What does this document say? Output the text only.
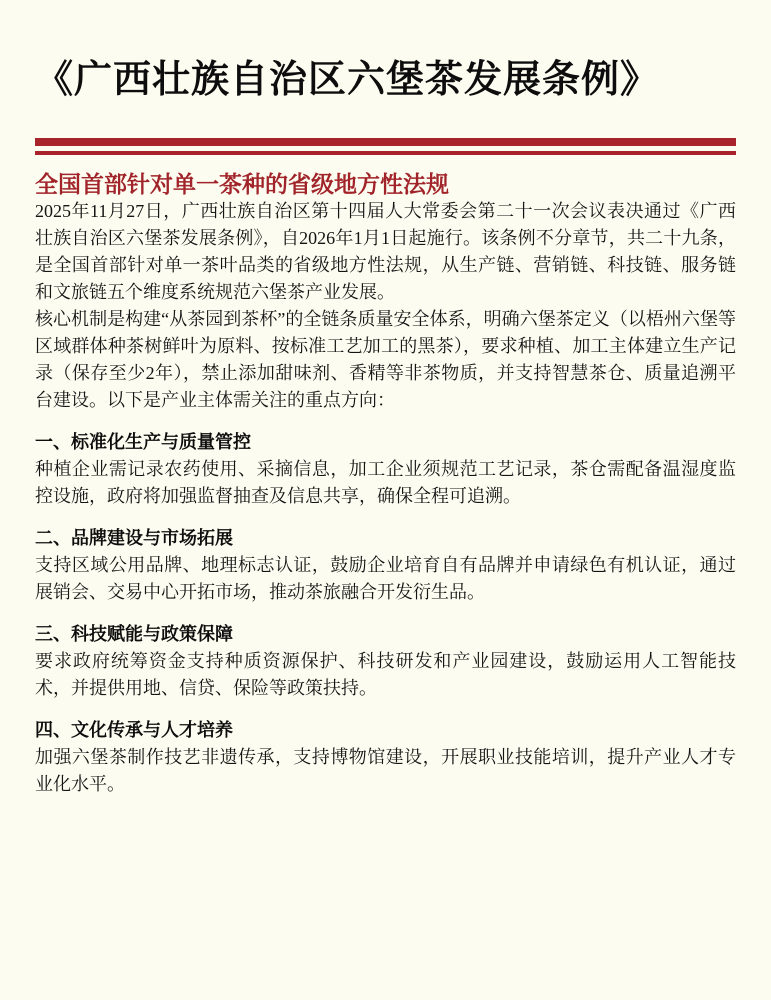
《广西壮族自治区六堡茶发展条例》
全国首部针对单一茶种的省级地方性法规

2025年11月27日，广西壮族自治区第十四届人大常委会第二十一次会议表决通过《广西壮族自治区六堡茶发展条例》，自2026年1月1日起施行。该条例不分章节，共二十九条，是全国首部针对单一茶叶品类的省级地方性法规，从生产链、营销链、科技链、服务链和文旅链五个维度系统规范六堡茶产业发展。

核心机制是构建“从茶园到茶杯”的全链条质量安全体系，明确六堡茶定义（以梧州六堡等区域群体种茶树鲜叶为原料、按标准工艺加工的黑茶），要求种植、加工主体建立生产记录（保存至少2年），禁止添加甜味剂、香精等非茶物质，并支持智慧茶仓、质量追溯平台建设。以下是产业主体需关注的重点方向：

一、标准化生产与质量管控

种植企业需记录农药使用、采摘信息，加工企业须规范工艺记录，茶仓需配备温湿度监控设施，政府将加强监督抽查及信息共享，确保全程可追溯。

二、品牌建设与市场拓展

支持区域公用品牌、地理标志认证，鼓励企业培育自有品牌并申请绿色有机认证，通过展销会、交易中心开拓市场，推动茶旅融合开发衍生品。

三、科技赋能与政策保障

要求政府统筹资金支持种质资源保护、科技研发和产业园建设，鼓励运用人工智能技术，并提供用地、信贷、保险等政策扶持。

四、文化传承与人才培养

加强六堡茶制作技艺非遗传承，支持博物馆建设，开展职业技能培训，提升产业人才专业化水平。
